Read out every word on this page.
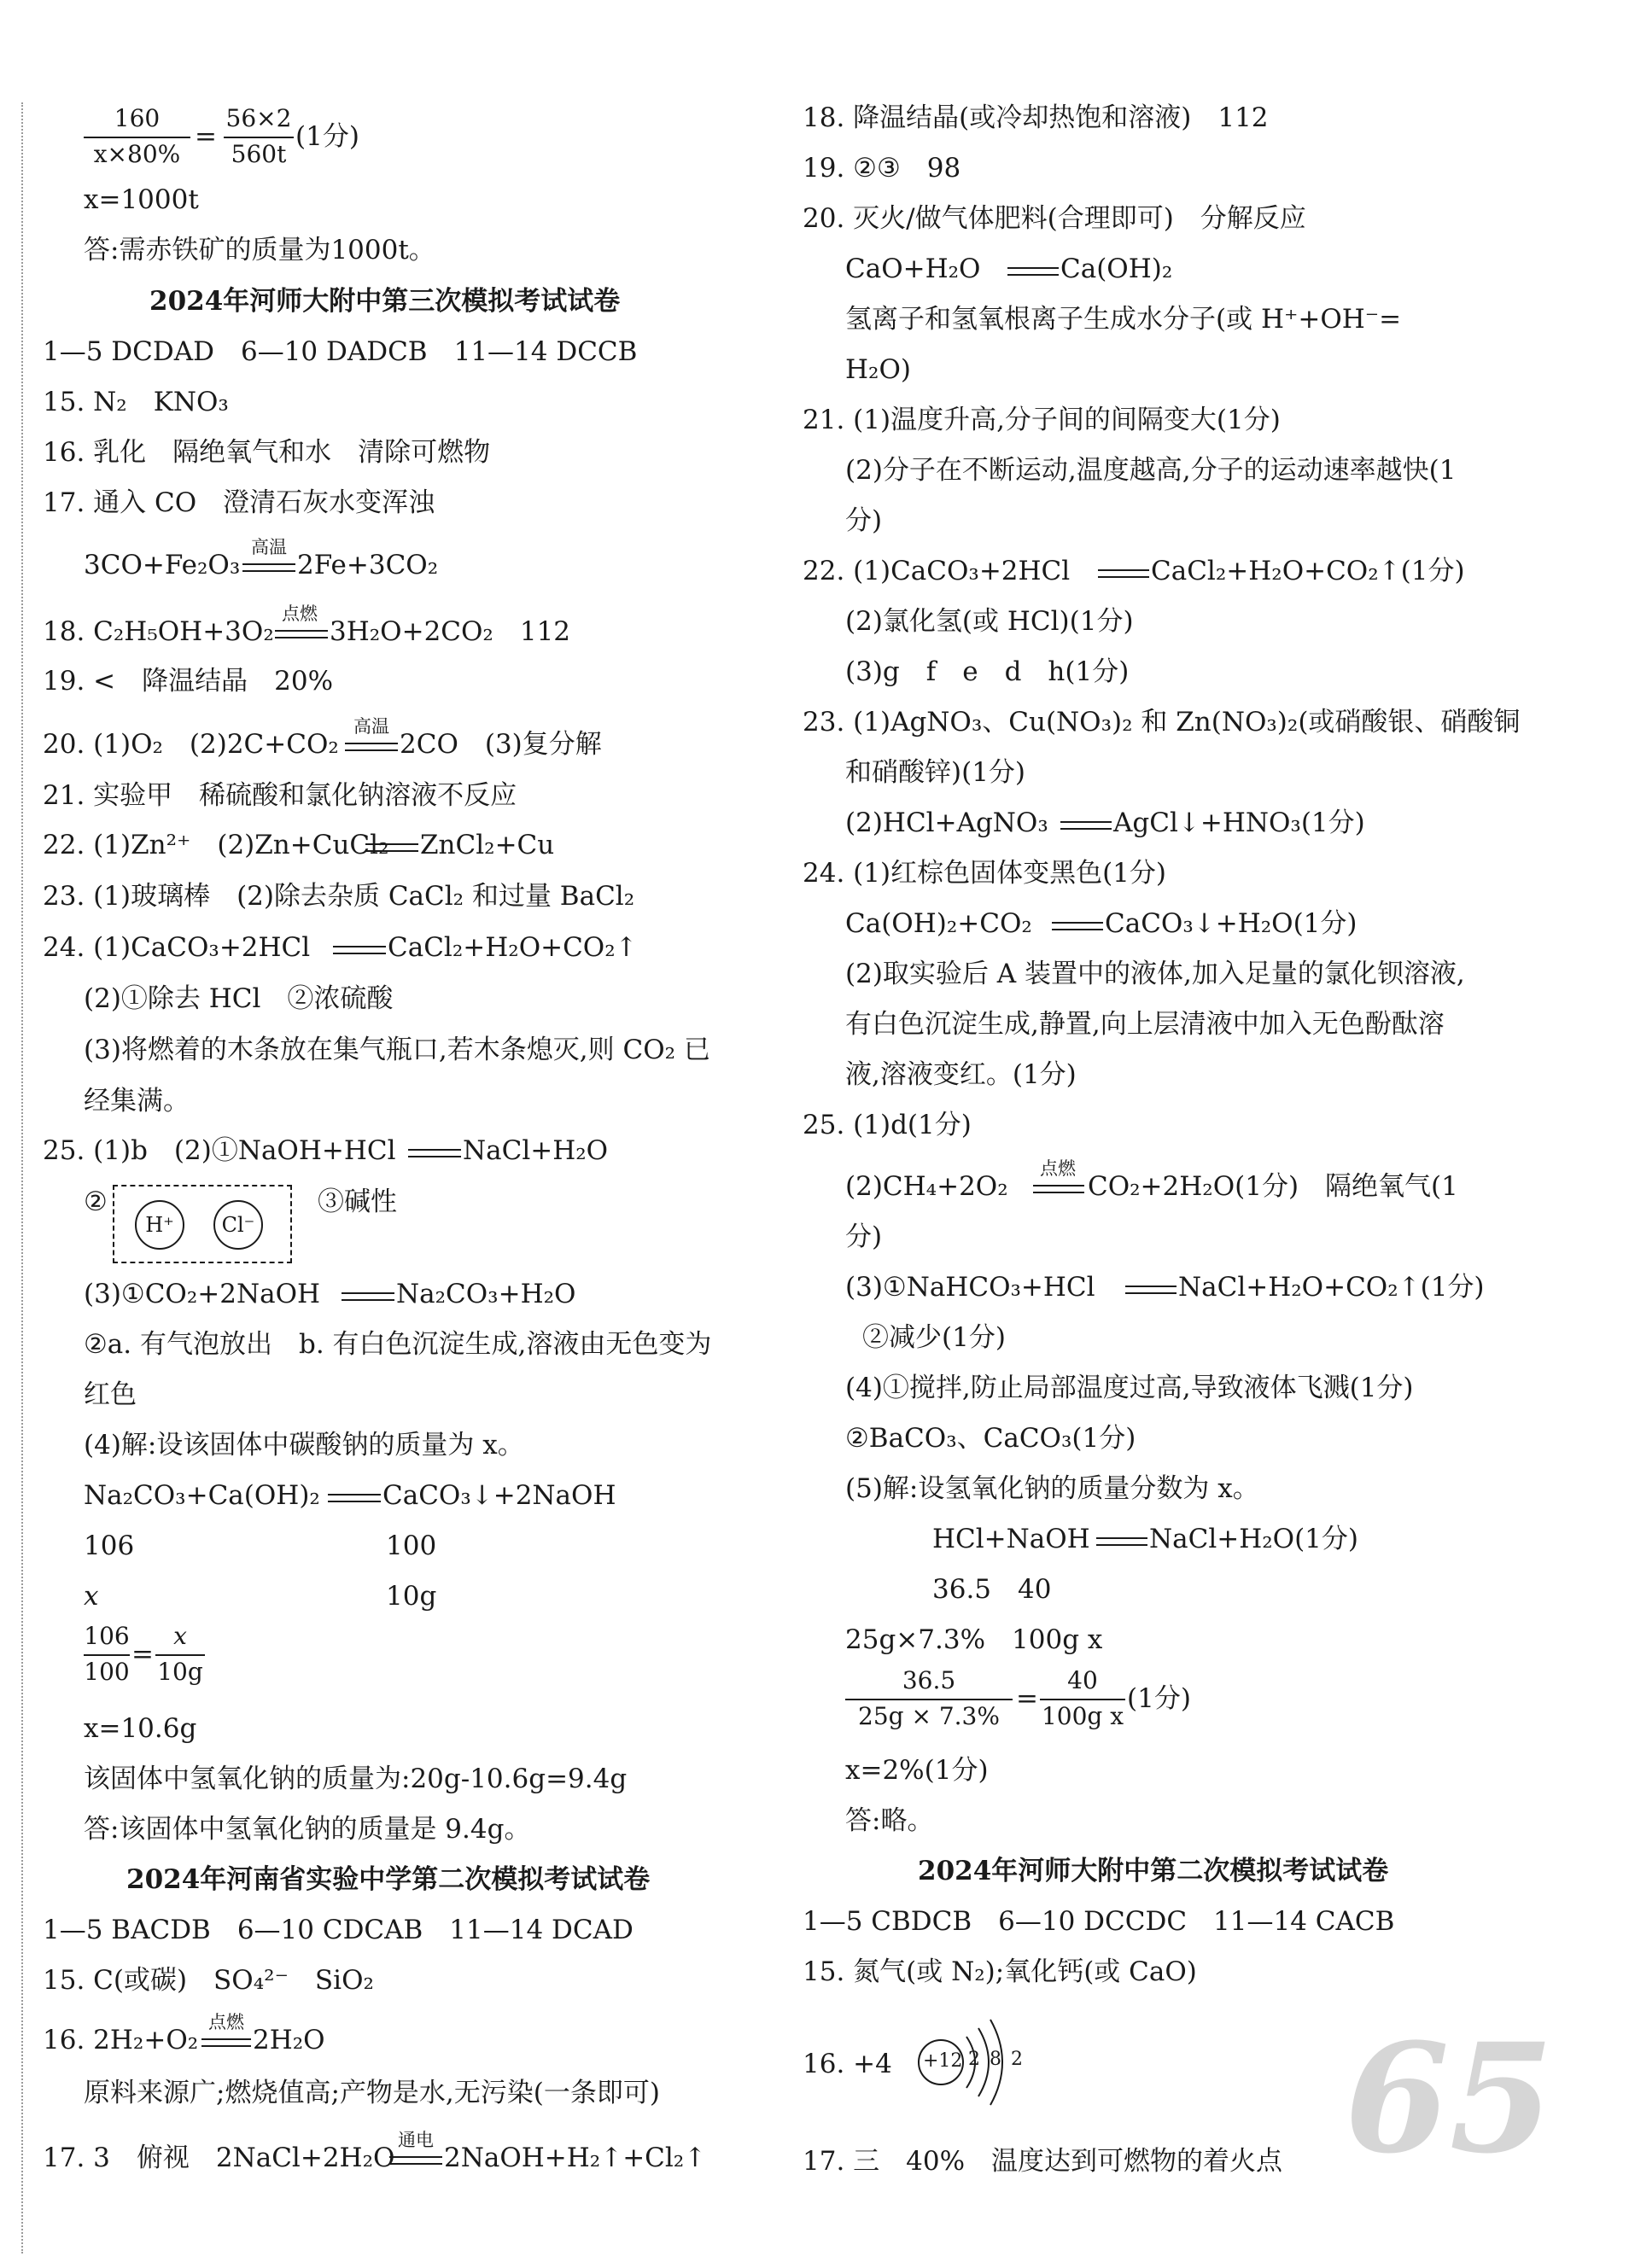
160
x×80%
=
56×2
560t
(1分)
x=1000t
答:需赤铁矿的质量为1000t。
2024年河师大附中第三次模拟考试试卷
1—5 DCDAD　6—10 DADCB　11—14 DCCB
15. N₂　KNO₃
16. 乳化　隔绝氧气和水　清除可燃物
17. 通入 CO　澄清石灰水变浑浊
3CO+Fe₂O₃
高温
2Fe+3CO₂
18. C₂H₅OH+3O₂
点燃
3H₂O+2CO₂　112
19. <　降温结晶　20%
20. (1)O₂　(2)2C+CO₂
高温
2CO　(3)复分解
21. 实验甲　稀硫酸和氯化钠溶液不反应
22. (1)Zn²⁺　(2)Zn+CuCl₂ ZnCl₂+Cu
23. (1)玻璃棒　(2)除去杂质 CaCl₂ 和过量 BaCl₂
24. (1)CaCO₃+2HCl	CaCl₂+H₂O+CO₂↑
(2)①除去 HCl　②浓硫酸
(3)将燃着的木条放在集气瓶口,若木条熄灭,则 CO₂ 已
经集满。
25. (1)b　(2)①NaOH+HCl	NaCl+H₂O
②
H⁺	Cl⁻
③碱性
(3)①CO₂+2NaOH	Na₂CO₃+H₂O
②a. 有气泡放出　b. 有白色沉淀生成,溶液由无色变为
红色
(4)解:设该固体中碳酸钠的质量为 x。
Na₂CO₃+Ca(OH)₂ CaCO₃↓+2NaOH
106	100
x	10g
106
100
=
x
10g
x=10.6g
该固体中氢氧化钠的质量为:20g-10.6g=9.4g
答:该固体中氢氧化钠的质量是 9.4g。
2024年河南省实验中学第二次模拟考试试卷
1—5 BACDB　6—10 CDCAB　11—14 DCAD
15. C(或碳)　SO₄²⁻　SiO₂
16. 2H₂+O₂
点燃
2H₂O
原料来源广;燃烧值高;产物是水,无污染(一条即可)
17. 3　俯视　2NaCl+2H₂O
通电
2NaOH+H₂↑+Cl₂↑
18. 降温结晶(或冷却热饱和溶液)　112
19. ②③　98
20. 灭火/做气体肥料(合理即可)　分解反应
CaO+H₂O	Ca(OH)₂
氢离子和氢氧根离子生成水分子(或 H⁺+OH⁻=
H₂O)
21. (1)温度升高,分子间的间隔变大(1分)
(2)分子在不断运动,温度越高,分子的运动速率越快(1
分)
22. (1)CaCO₃+2HCl	CaCl₂+H₂O+CO₂↑(1分)
(2)氯化氢(或 HCl)(1分)
(3)g　f　e　d　h(1分)
23. (1)AgNO₃、Cu(NO₃)₂ 和 Zn(NO₃)₂(或硝酸银、硝酸铜
和硝酸锌)(1分)
(2)HCl+AgNO₃ AgCl↓+HNO₃(1分)
24. (1)红棕色固体变黑色(1分)
Ca(OH)₂+CO₂	CaCO₃↓+H₂O(1分)
(2)取实验后 A 装置中的液体,加入足量的氯化钡溶液,
有白色沉淀生成,静置,向上层清液中加入无色酚酞溶
液,溶液变红。(1分)
25. (1)d(1分)
(2)CH₄+2O₂
点燃
CO₂+2H₂O(1分)　隔绝氧气(1
分)
(3)①NaHCO₃+HCl	NaCl+H₂O+CO₂↑(1分)
②减少(1分)
(4)①搅拌,防止局部温度过高,导致液体飞溅(1分)
②BaCO₃、CaCO₃(1分)
(5)解:设氢氧化钠的质量分数为 x。
HCl+NaOH NaCl+H₂O(1分)
36.5　40
25g×7.3%　100g x
36.5
25g × 7.3%
=
40
100g x
(1分)
x=2%(1分)
答:略。
2024年河师大附中第二次模拟考试试卷
1—5 CBDCB　6—10 DCCDC　11—14 CACB
15. 氮气(或 N₂);氧化钙(或 CaO)
16. +4 +12 2 8 2
17. 三　40%　温度达到可燃物的着火点 65
